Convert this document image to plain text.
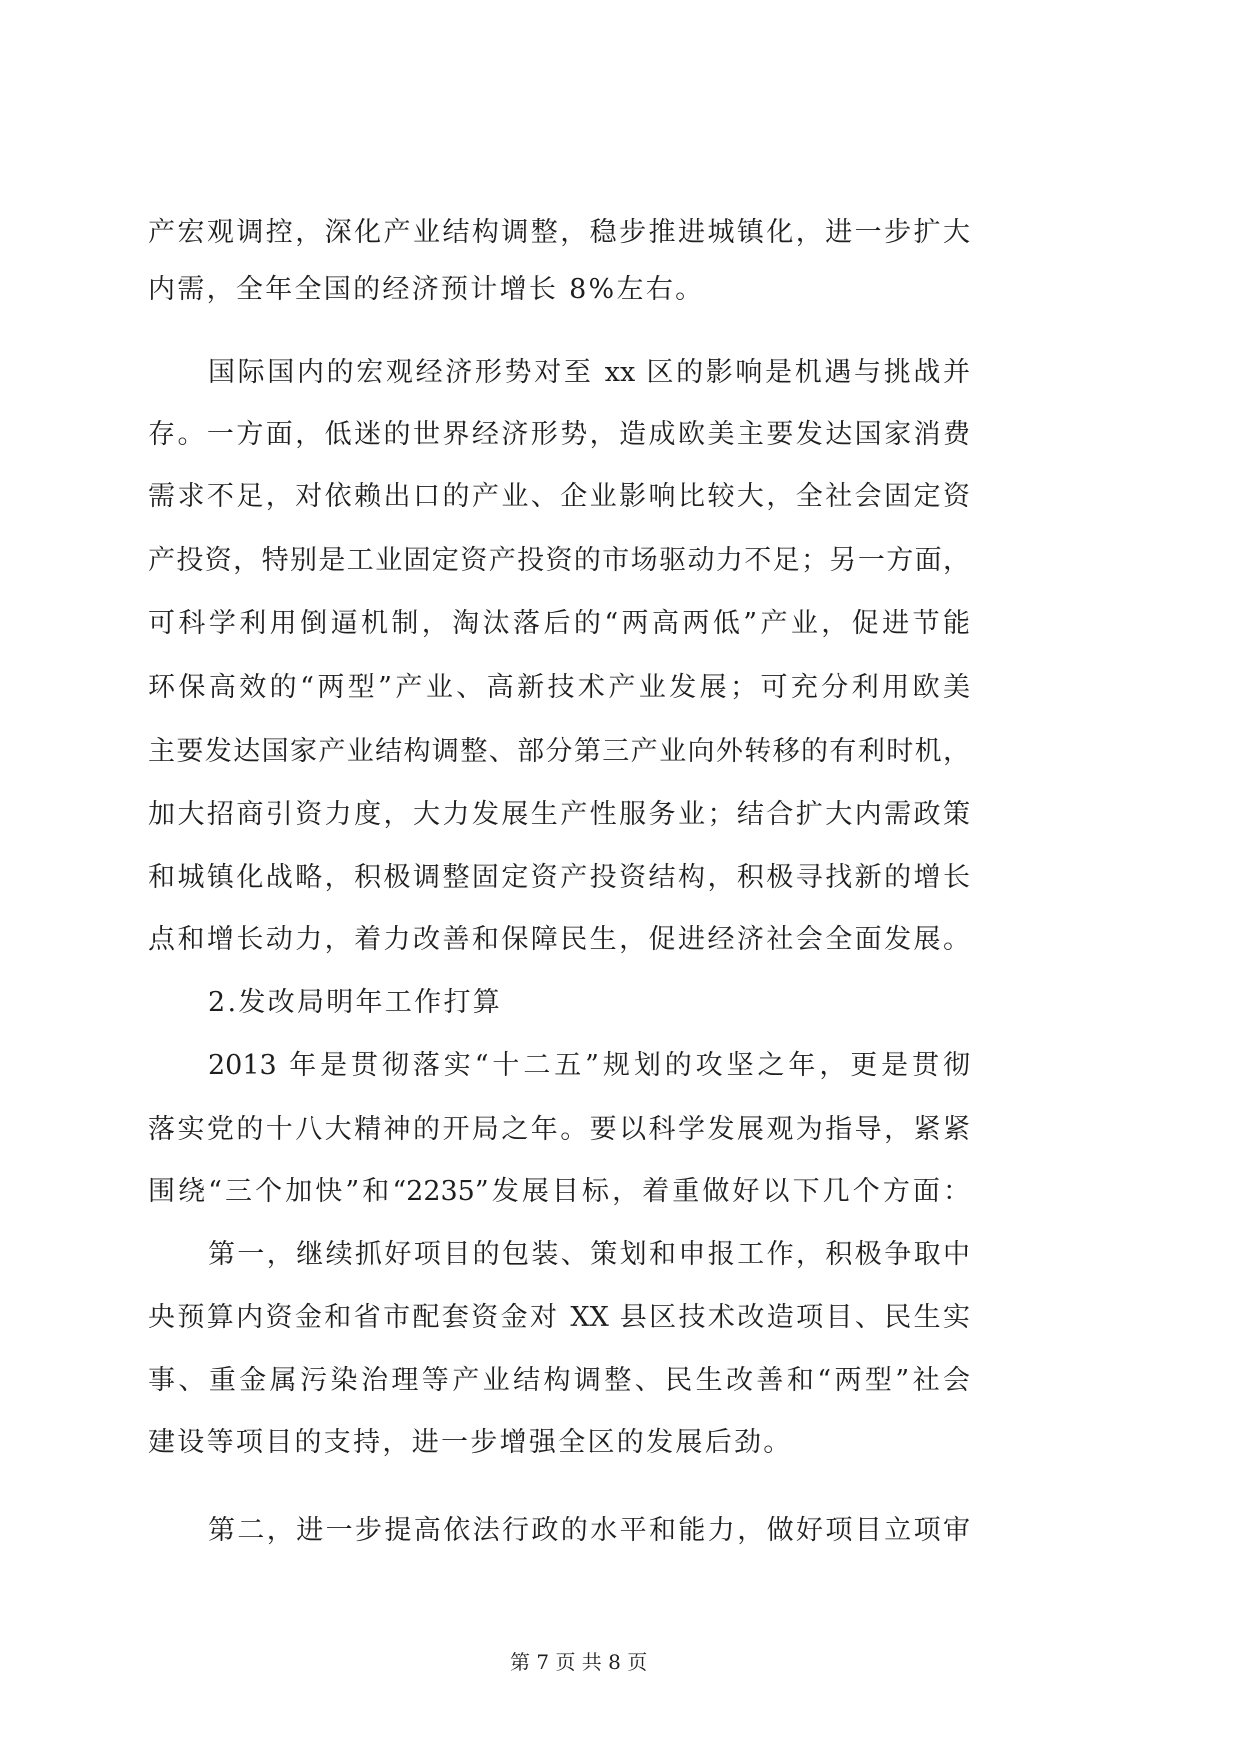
产宏观调控，深化产业结构调整，稳步推进城镇化，进一步扩大
内需，全年全国的经济预计增长 8%左右。
国际国内的宏观经济形势对至 xx 区的影响是机遇与挑战并
存。一方面，低迷的世界经济形势，造成欧美主要发达国家消费
需求不足，对依赖出口的产业、企业影响比较大，全社会固定资
产投资，特别是工业固定资产投资的市场驱动力不足；另一方面，
可科学利用倒逼机制，淘汰落后的“两高两低”产业，促进节能
环保高效的“两型”产业、高新技术产业发展；可充分利用欧美
主要发达国家产业结构调整、部分第三产业向外转移的有利时机，
加大招商引资力度，大力发展生产性服务业；结合扩大内需政策
和城镇化战略，积极调整固定资产投资结构，积极寻找新的增长
点和增长动力，着力改善和保障民生，促进经济社会全面发展。
2.发改局明年工作打算
2013 年是贯彻落实“十二五”规划的攻坚之年，更是贯彻
落实党的十八大精神的开局之年。要以科学发展观为指导，紧紧
围绕“三个加快”和“2235”发展目标，着重做好以下几个方面：
第一，继续抓好项目的包装、策划和申报工作，积极争取中
央预算内资金和省市配套资金对 XX 县区技术改造项目、民生实
事、重金属污染治理等产业结构调整、民生改善和“两型”社会
建设等项目的支持，进一步增强全区的发展后劲。
第二，进一步提高依法行政的水平和能力，做好项目立项审
第 7 页 共 8 页
